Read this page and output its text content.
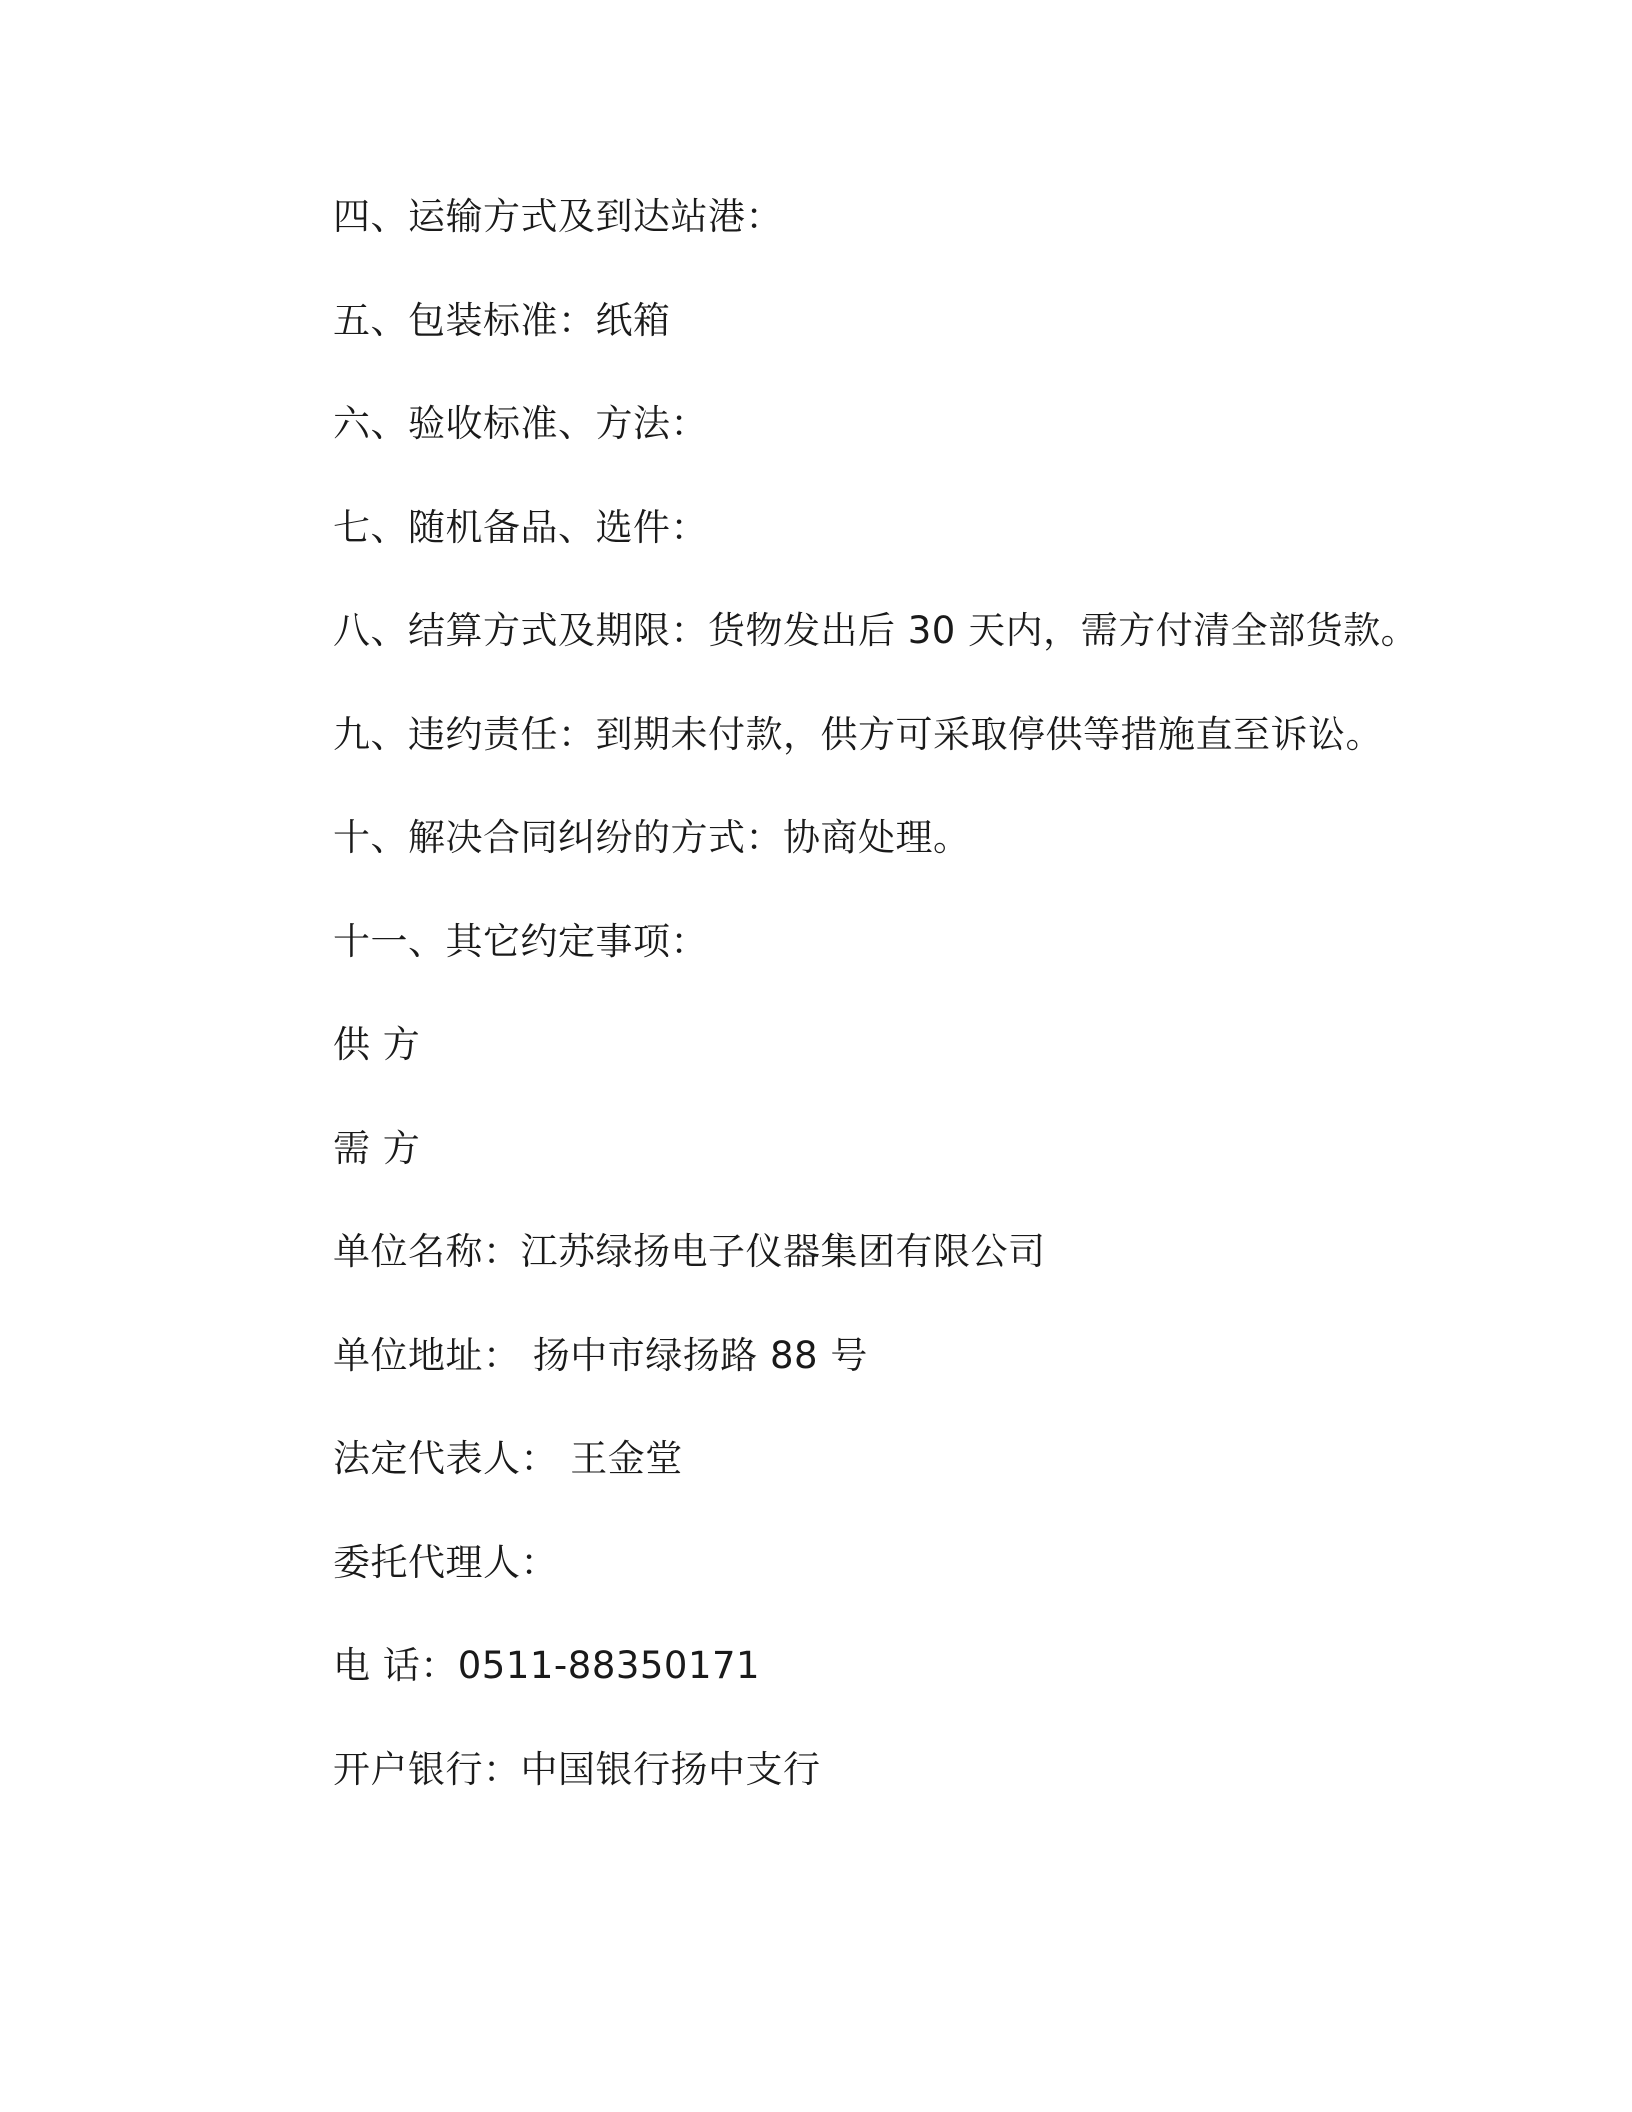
四、运输方式及到达站港：
五、包装标准：纸箱
六、验收标准、方法：
七、随机备品、选件：
八、结算方式及期限：货物发出后 30 天内，需方付清全部货款。
九、违约责任：到期未付款，供方可采取停供等措施直至诉讼。
十、解决合同纠纷的方式：协商处理。
十一、其它约定事项：
供 方
需 方
单位名称：江苏绿扬电子仪器集团有限公司
单位地址： 扬中市绿扬路 88 号
法定代表人： 王金堂
委托代理人：
电 话：0511-88350171
开户银行：中国银行扬中支行
